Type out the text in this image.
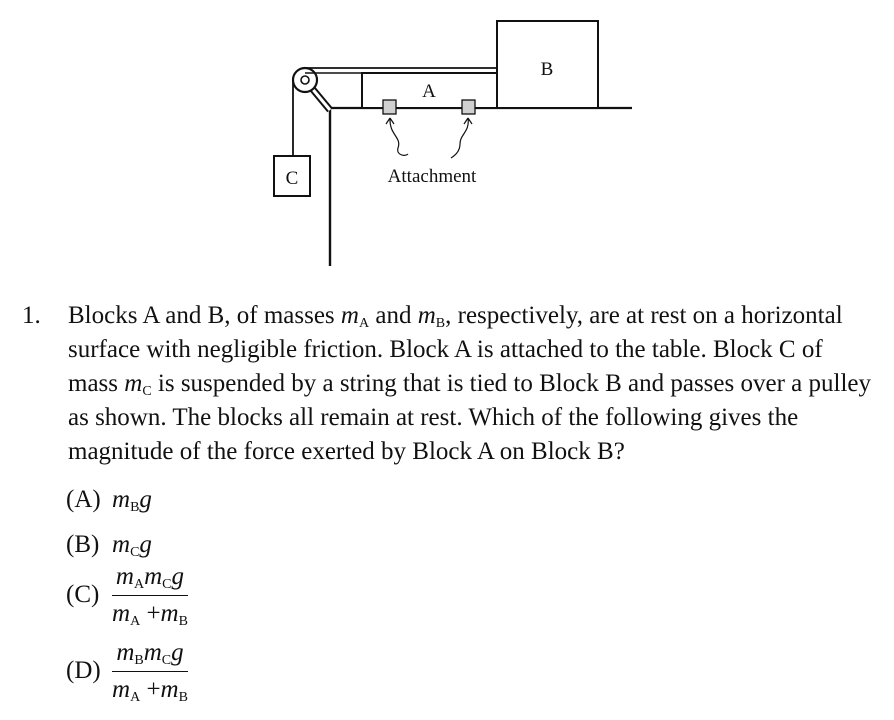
A
Attachment
B
C
1. Blocks A and B, of masses $m_A$ and $m_B$, respectively, are at rest on a horizontal surface with negligible friction. Block A is attached to the table. Block C of mass $m_C$ is suspended by a string that is tied to Block B and passes over a pulley as shown. The blocks all remain at rest. Which of the following gives the magnitude of the force exerted by Block A on Block B?
(A) $m_Bg$
(B) $m_Cg$
(C)
$m_Am_Cg$
$m_A +m_B$
(D)
$m_Bm_Cg$
$m_A +m_B$
